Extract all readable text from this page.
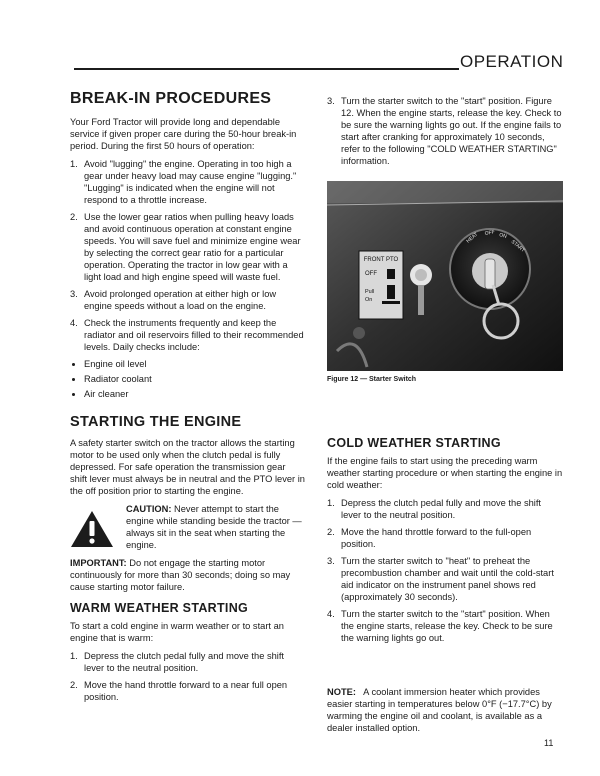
OPERATION
BREAK-IN PROCEDURES

Your Ford Tractor will provide long and dependable service if given proper care during the 50-hour break-in period. During the first 50 hours of operation:

1. Avoid "lugging" the engine. Operating in too high a gear under heavy load may cause engine "lugging." "Lugging" is indicated when the engine will not respond to a throttle increase.
2. Use the lower gear ratios when pulling heavy loads and avoid continuous operation at constant engine speeds. You will save fuel and minimize engine wear by selecting the correct gear ratio for a particular operation. Operating the tractor in low gear with a light load and high engine speed will waste fuel.
3. Avoid prolonged operation at either high or low engine speeds without a load on the engine.
4. Check the instruments frequently and keep the radiator and oil reservoirs filled to their recommended levels. Daily checks include:
• Engine oil level
• Radiator coolant
• Air cleaner
STARTING THE ENGINE

A safety starter switch on the tractor allows the starting motor to be used only when the clutch pedal is fully depressed. For safe operation the transmission gear shift lever must always be in neutral and the PTO lever in the off position prior to starting the engine.

CAUTION: Never attempt to start the engine while standing beside the tractor — always sit in the seat when starting the engine.

IMPORTANT: Do not engage the starting motor continuously for more than 30 seconds; doing so may cause starting motor failure.

WARM WEATHER STARTING

To start a cold engine in warm weather or to start an engine that is warm:

1. Depress the clutch pedal fully and move the shift lever to the neutral position.
2. Move the hand throttle forward to a near full open position.
3. Turn the starter switch to the "start" position. Figure 12. When the engine starts, release the key. Check to be sure the warning lights go out. If the engine fails to start after cranking for approximately 10 seconds, refer to the following "COLD WEATHER STARTING" information.
FRONT PTO
OFF
Pull
On
HEAT OFF ON
START
Figure 12 — Starter Switch
COLD WEATHER STARTING

If the engine fails to start using the preceding warm weather starting procedure or when starting the engine in cold weather:

1. Depress the clutch pedal fully and move the shift lever to the neutral position.
2. Move the hand throttle forward to the full-open position.
3. Turn the starter switch to "heat" to preheat the precombustion chamber and wait until the cold-start aid indicator on the instrument panel shows red (approximately 30 seconds).
4. Turn the starter switch to the "start" position. When the engine starts, release the key. Check to be sure the warning lights go out.

NOTE: A coolant immersion heater which provides easier starting in temperatures below 0°F (−17.7°C) by warming the engine oil and coolant, is available as a dealer installed option.

11
